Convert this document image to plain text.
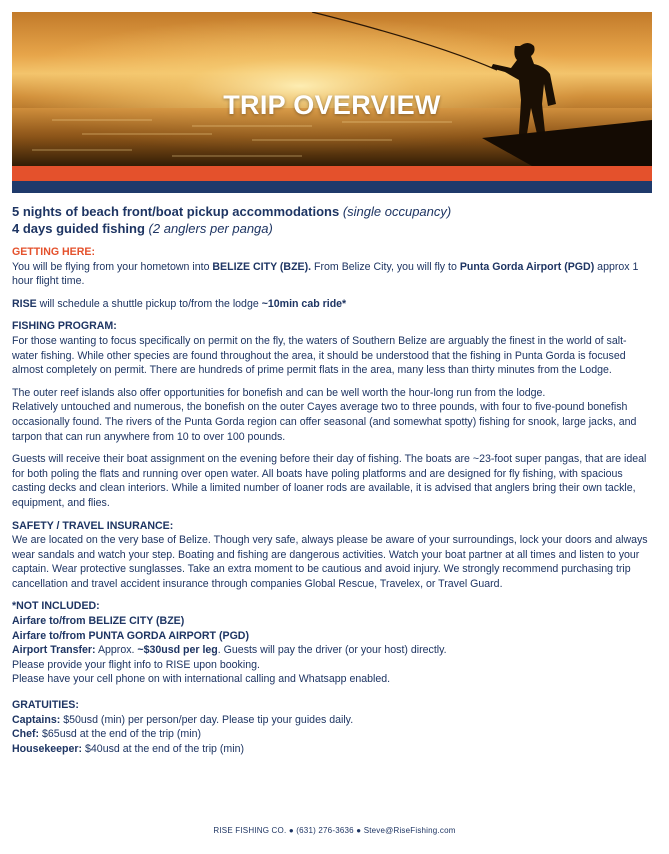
TRIP OVERVIEW
5 nights of beach front/boat pickup accommodations (single occupancy)
4 days guided fishing (2 anglers per panga)
GETTING HERE:
You will be flying from your hometown into BELIZE CITY (BZE). From Belize City, you will fly to Punta Gorda Airport (PGD) approx 1 hour flight time.
RISE will schedule a shuttle pickup to/from the lodge ~10min cab ride*
FISHING PROGRAM:
For those wanting to focus specifically on permit on the fly, the waters of Southern Belize are arguably the finest in the world of salt-water fishing. While other species are found throughout the area, it should be understood that the fishing in Punta Gorda is focused almost completely on permit. There are hundreds of prime permit flats in the area, many less than thirty minutes from the Lodge.
The outer reef islands also offer opportunities for bonefish and can be well worth the hour-long run from the lodge.
Relatively untouched and numerous, the bonefish on the outer Cayes average two to three pounds, with four to five-pound bonefish occasionally found. The rivers of the Punta Gorda region can offer seasonal (and somewhat spotty) fishing for snook, large jacks, and tarpon that can run anywhere from 10 to over 100 pounds.
Guests will receive their boat assignment on the evening before their day of fishing. The boats are ~23-foot super pangas, that are ideal for both poling the flats and running over open water. All boats have poling platforms and are designed for fly fishing, with spacious casting decks and clean interiors. While a limited number of loaner rods are available, it is advised that anglers bring their own tackle, equipment, and flies.
SAFETY / TRAVEL INSURANCE:
We are located on the very base of Belize. Though very safe, always please be aware of your surroundings, lock your doors and always wear sandals and watch your step. Boating and fishing are dangerous activities. Watch your boat partner at all times and listen to your captain. Wear protective sunglasses. Take an extra moment to be cautious and avoid injury. We strongly recommend purchasing trip cancellation and travel accident insurance through companies Global Rescue, Travelex, or Travel Guard.
*NOT INCLUDED:
Airfare to/from BELIZE CITY (BZE)
Airfare to/from PUNTA GORDA AIRPORT (PGD)
Airport Transfer: Approx. ~$30usd per leg. Guests will pay the driver (or your host) directly.
Please provide your flight info to RISE upon booking.
Please have your cell phone on with international calling and Whatsapp enabled.
GRATUITIES:
Captains: $50usd (min) per person/per day. Please tip your guides daily.
Chef: $65usd at the end of the trip (min)
Housekeeper: $40usd at the end of the trip (min)
RISE FISHING CO. ● (631) 276-3636 ● Steve@RiseFishing.com
